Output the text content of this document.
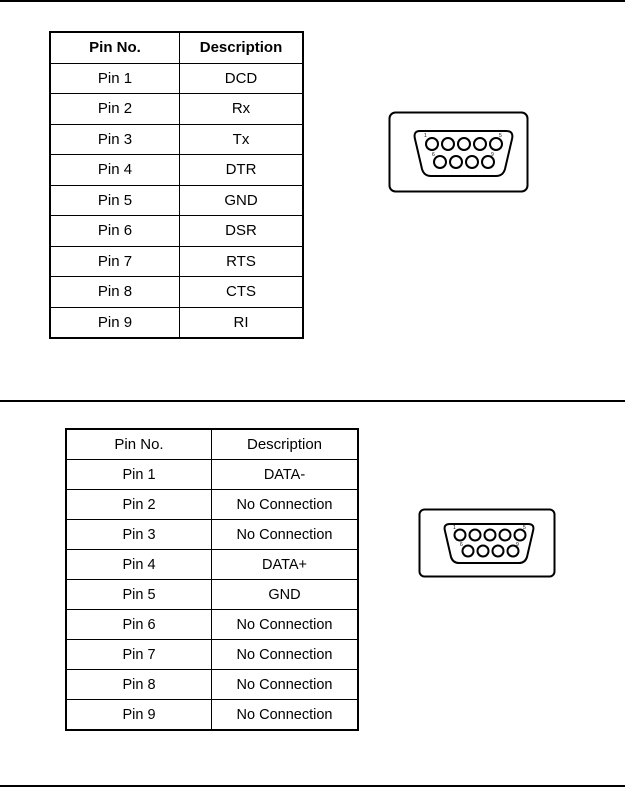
Pin No.	Description
Pin 1	DCD
Pin 2	Rx
Pin 3	Tx
Pin 4	DTR
Pin 5	GND
Pin 6	DSR
Pin 7	RTS
Pin 8	CTS
Pin 9	RI
1	5
6	9
Pin No.	Description
Pin 1	DATA-
Pin 2	No Connection
Pin 3	No Connection
Pin 4	DATA+
Pin 5	GND
Pin 6	No Connection
Pin 7	No Connection
Pin 8	No Connection
Pin 9	No Connection
1	5
6	9
